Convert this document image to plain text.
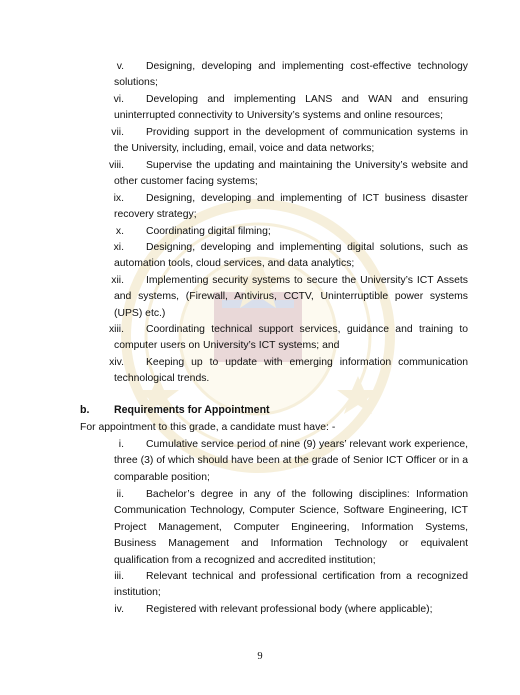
v. Designing, developing and implementing cost-effective technology solutions;
vi. Developing and implementing LANS and WAN and ensuring uninterrupted connectivity to University’s systems and online resources;
vii. Providing support in the development of communication systems in the University, including, email, voice and data networks;
viii. Supervise the updating and maintaining the University’s website and other customer facing systems;
ix. Designing, developing and implementing of ICT business disaster recovery strategy;
x. Coordinating digital filming;
xi. Designing, developing and implementing digital solutions, such as automation tools, cloud services, and data analytics;
xii. Implementing security systems to secure the University’s ICT Assets and systems, (Firewall, Antivirus, CCTV, Uninterruptible power systems (UPS) etc.)
xiii. Coordinating technical support services, guidance and training to computer users on University’s ICT systems; and
xiv. Keeping up to update with emerging information communication technological trends.
b. Requirements for Appointment
For appointment to this grade, a candidate must have: -
i. Cumulative service period of nine (9) years’ relevant work experience, three (3) of which should have been at the grade of Senior ICT Officer or in a comparable position;
ii. Bachelor’s degree in any of the following disciplines: Information Communication Technology, Computer Science, Software Engineering, ICT Project Management, Computer Engineering, Information Systems, Business Management and Information Technology or equivalent qualification from a recognized and accredited institution;
iii. Relevant technical and professional certification from a recognized institution;
iv. Registered with relevant professional body (where applicable);
9
